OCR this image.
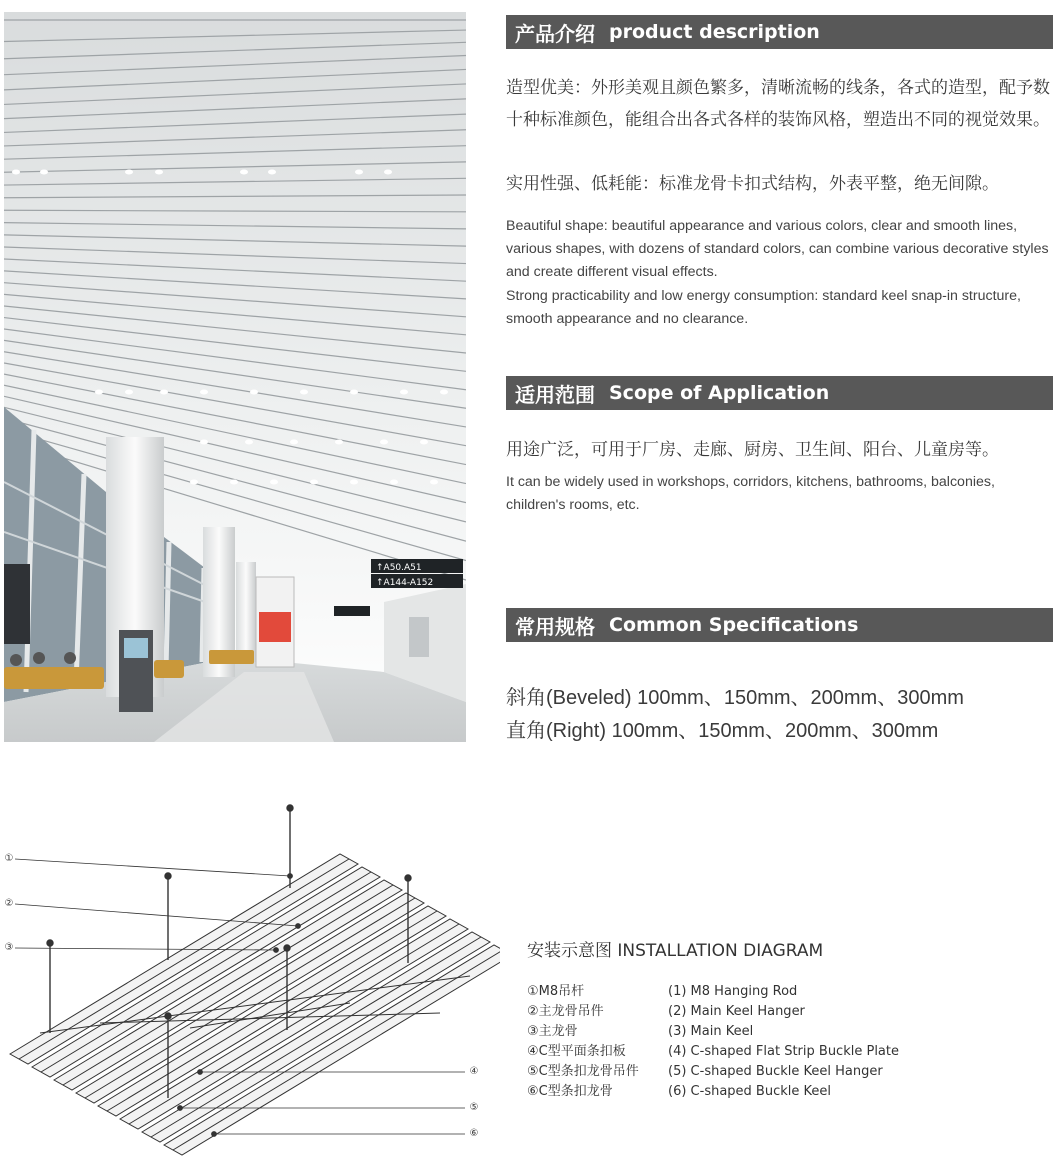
↑A50.A51
↑A144-A152
产品介绍 product description

造型优美：外形美观且颜色繁多，清晰流畅的线条，各式的造型，配予数十种标准颜色，能组合出各式各样的装饰风格，塑造出不同的视觉效果。

实用性强、低耗能：标准龙骨卡扣式结构，外表平整，绝无间隙。

Beautiful shape: beautiful appearance and various colors, clear and smooth lines, various shapes, with dozens of standard colors, can combine various decorative styles and create different visual effects.

Strong practicability and low energy consumption: standard keel snap-in structure, smooth appearance and no clearance.

适用范围 Scope of Application

用途广泛，可用于厂房、走廊、厨房、卫生间、阳台、儿童房等。

It can be widely used in workshops, corridors, kitchens, bathrooms, balconies, children's rooms, etc.

常用规格 Common Specifications
斜角(Beveled) 100mm、150mm、200mm、300mm
直角(Right) 100mm、150mm、200mm、300mm
①
②
③
④
⑤
⑥
安装示意图 INSTALLATION DIAGRAM
①M8吊杆
②主龙骨吊件
③主龙骨
④C型平面条扣板
⑤C型条扣龙骨吊件
⑥C型条扣龙骨
(1) M8 Hanging Rod
(2) Main Keel Hanger
(3) Main Keel
(4) C-shaped Flat Strip Buckle Plate
(5) C-shaped Buckle Keel Hanger
(6) C-shaped Buckle Keel
